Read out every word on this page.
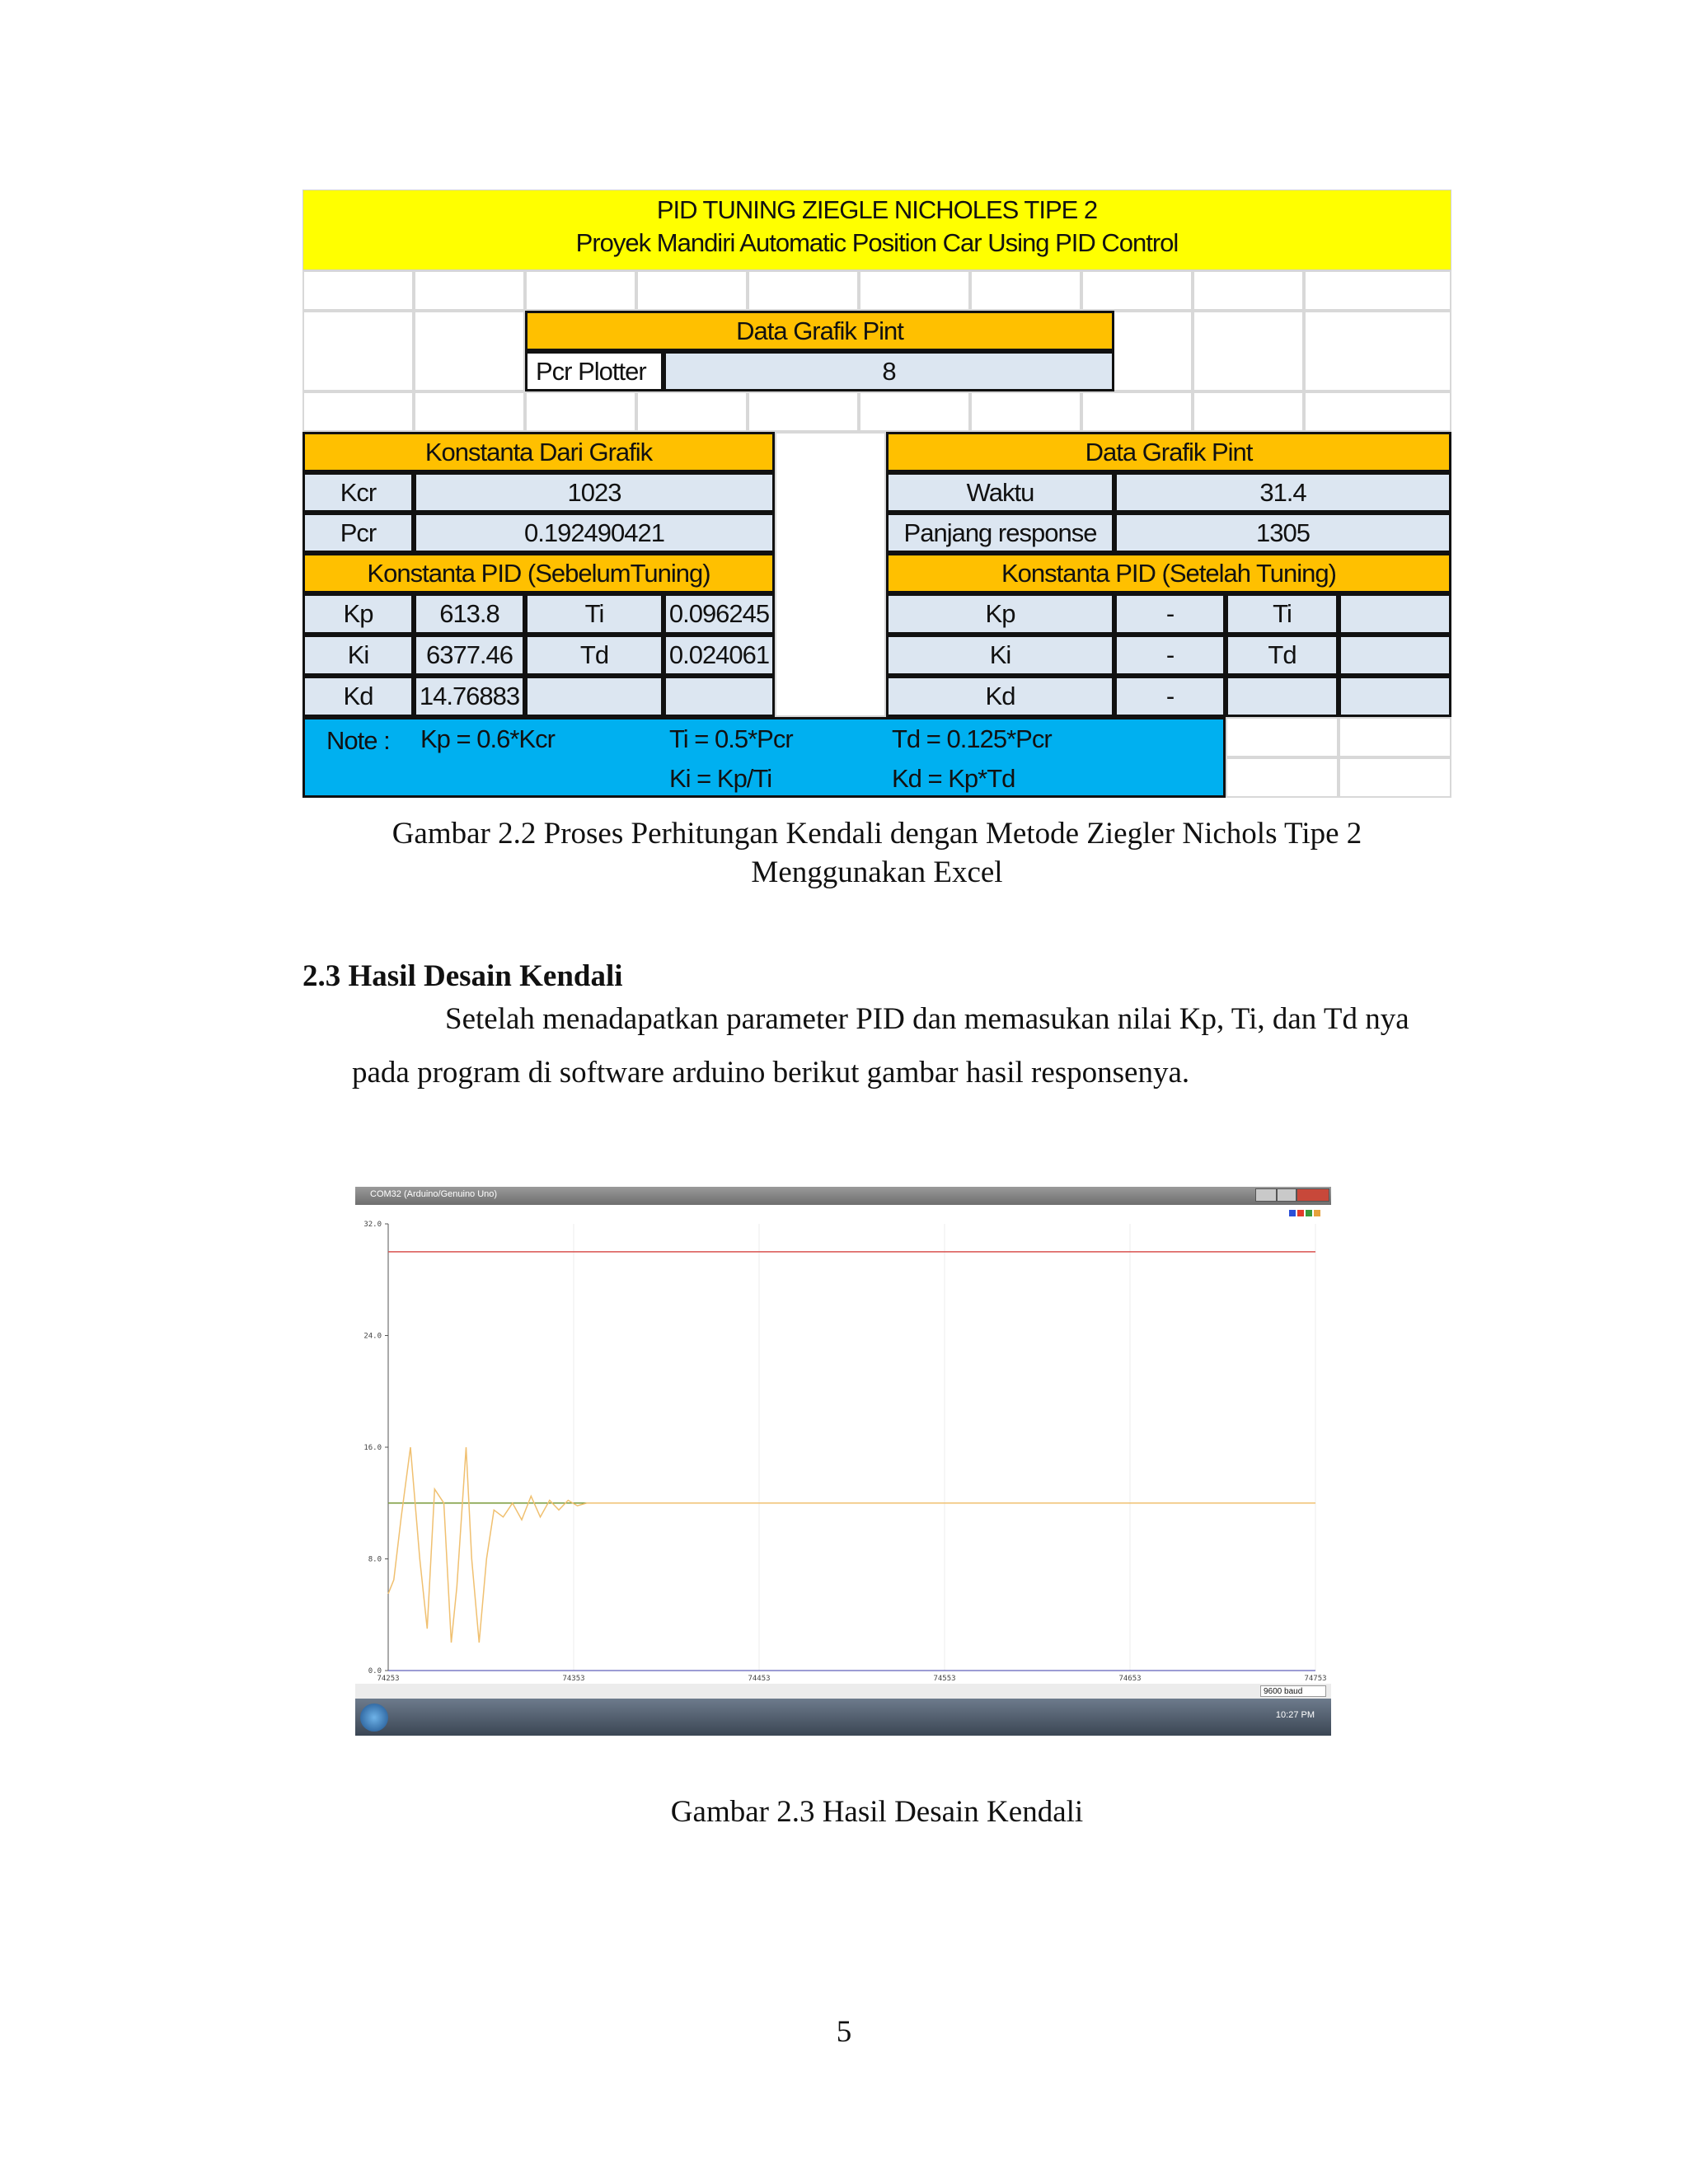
PID TUNING ZIEGLE NICHOLES TIPE 2
Proyek Mandiri Automatic Position Car Using PID Control
Data Grafik Pint
Pcr Plotter	8
Konstanta Dari Grafik
Kcr	1023
Pcr	0.192490421
Konstanta PID (SebelumTuning)
Kp	613.8	Ti	0.096245
Ki	6377.46	Td	0.024061
Kd	14.76883
Data Grafik Pint
Waktu	31.4
Panjang response	1305
Konstanta PID (Setelah Tuning)
Kp	-	Ti
Ki	-	Td
Kd	-
Note : Kp = 0.6*Kcr	Ti = 0.5*Pcr	Td = 0.125*Pcr
Ki = Kp/Ti	Kd = Kp*Td
Gambar 2.2 Proses Perhitungan Kendali dengan Metode Ziegler Nichols Tipe 2
Menggunakan Excel
2.3 Hasil Desain Kendali
Setelah menadapatkan parameter PID dan memasukan nilai Kp, Ti, dan Td nya
pada program di software arduino berikut gambar hasil responsenya.
COM32 (Arduino/Genuino Uno)
74253	74353	74453	74553	74653	74753
32.0
24.0
16.0
8.0
0.0
9600 baud
10:27 PM
Gambar 2.3 Hasil Desain Kendali
5
